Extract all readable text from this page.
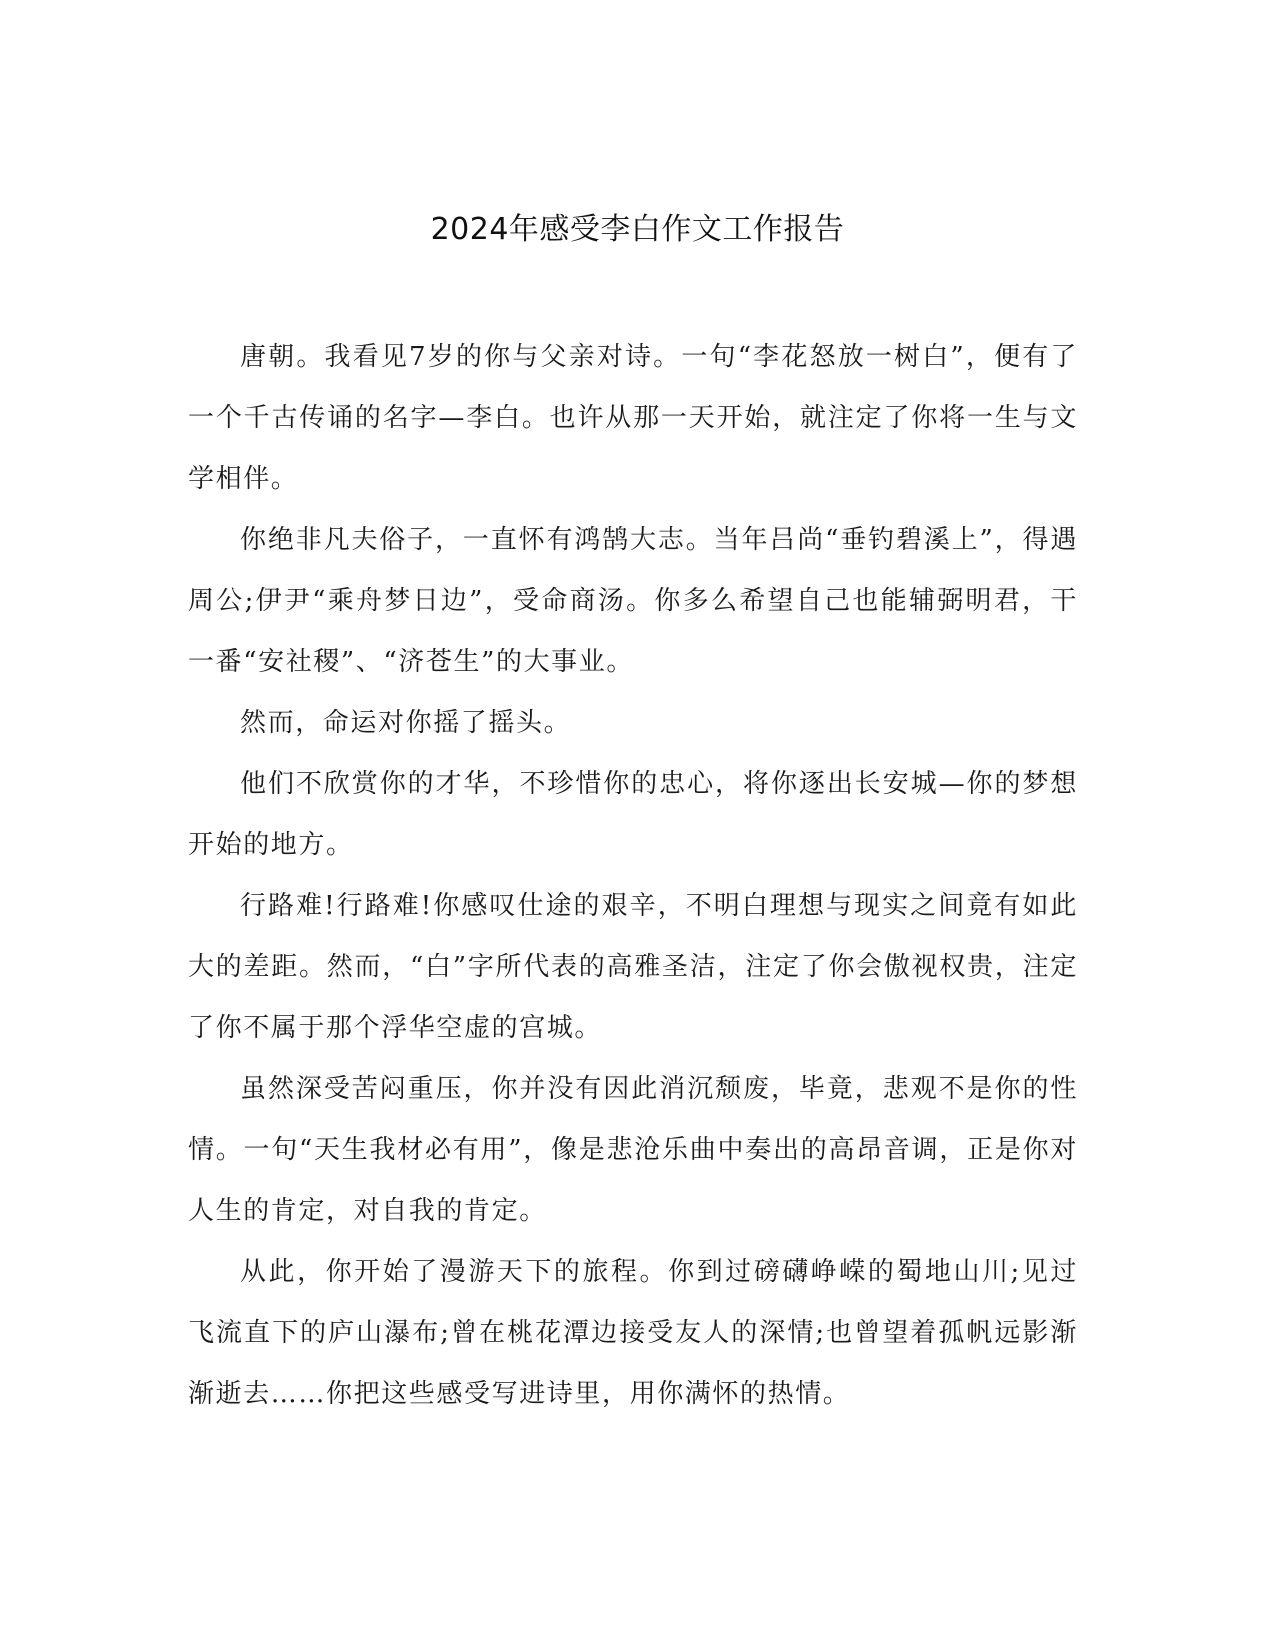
2024年感受李白作文工作报告

唐朝。我看见7岁的你与父亲对诗。一句“李花怒放一树白”，便有了一个千古传诵的名字—李白。也许从那一天开始，就注定了你将一生与文学相伴。

你绝非凡夫俗子，一直怀有鸿鹄大志。当年吕尚“垂钓碧溪上”，得遇周公;伊尹“乘舟梦日边”，受命商汤。你多么希望自己也能辅弼明君，干一番“安社稷”、“济苍生”的大事业。

然而，命运对你摇了摇头。

他们不欣赏你的才华，不珍惜你的忠心，将你逐出长安城—你的梦想开始的地方。

行路难!行路难!你感叹仕途的艰辛，不明白理想与现实之间竟有如此大的差距。然而，“白”字所代表的高雅圣洁，注定了你会傲视权贵，注定了你不属于那个浮华空虚的宫城。

虽然深受苦闷重压，你并没有因此消沉颓废，毕竟，悲观不是你的性情。一句“天生我材必有用”，像是悲沧乐曲中奏出的高昂音调，正是你对人生的肯定，对自我的肯定。

从此，你开始了漫游天下的旅程。你到过磅礴峥嵘的蜀地山川;见过飞流直下的庐山瀑布;曾在桃花潭边接受友人的深情;也曾望着孤帆远影渐渐逝去……你把这些感受写进诗里，用你满怀的热情。
